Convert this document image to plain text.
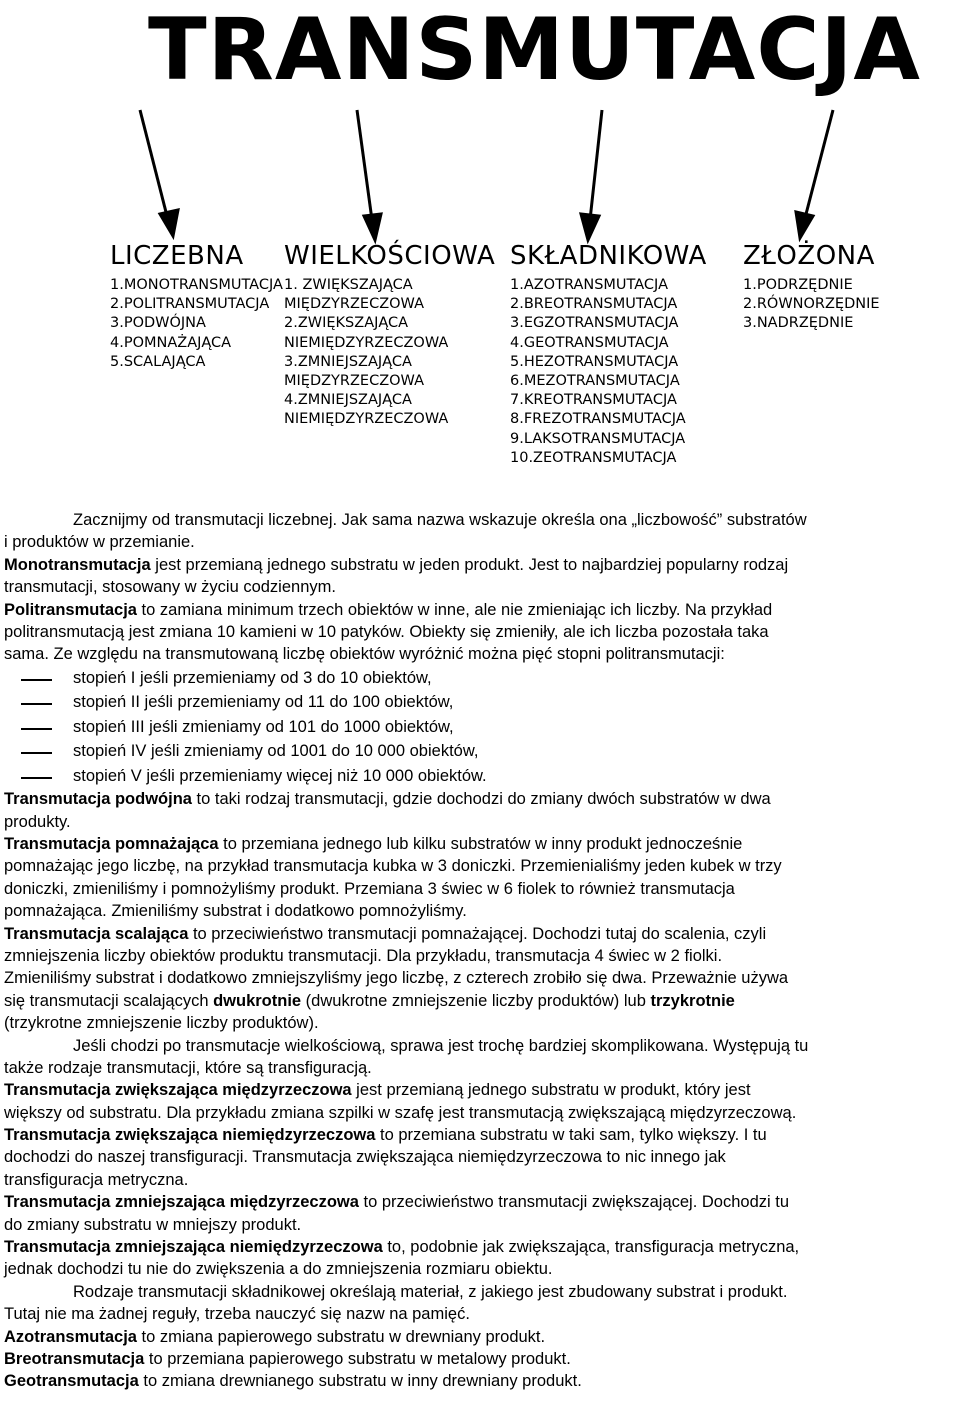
TRANSMUTACJA
LICZEBNA
1.MONOTRANSMUTACJA
2.POLITRANSMUTACJA
3.PODWÓJNA
4.POMNAŻAJĄCA
5.SCALAJĄCA
WIELKOŚCIOWA
1. ZWIĘKSZAJĄCA
MIĘDZYRZECZOWA
2.ZWIĘKSZAJĄCA
NIEMIĘDZYRZECZOWA
3.ZMNIEJSZAJĄCA
MIĘDZYRZECZOWA
4.ZMNIEJSZAJĄCA
NIEMIĘDZYRZECZOWA
SKŁADNIKOWA
1.AZOTRANSMUTACJA
2.BREOTRANSMUTACJA
3.EGZOTRANSMUTACJA
4.GEOTRANSMUTACJA
5.HEZOTRANSMUTACJA
6.MEZOTRANSMUTACJA
7.KREOTRANSMUTACJA
8.FREZOTRANSMUTACJA
9.LAKSOTRANSMUTACJA
10.ZEOTRANSMUTACJA
ZŁOŻONA
1.PODRZĘDNIE
2.RÓWNORZĘDNIE
3.NADRZĘDNIE
Zacznijmy od transmutacji liczebnej. Jak sama nazwa wskazuje określa ona „liczbowość” substratów
i produktów w przemianie.
Monotransmutacja jest przemianą jednego substratu w jeden produkt. Jest to najbardziej popularny rodzaj
transmutacji, stosowany w życiu codziennym.
Politransmutacja to zamiana minimum trzech obiektów w inne, ale nie zmieniając ich liczby. Na przykład
politransmutacją jest zmiana 10 kamieni w 10 patyków. Obiekty się zmieniły, ale ich liczba pozostała taka
sama. Ze względu na transmutowaną liczbę obiektów wyróżnić można pięć stopni politransmutacji:
stopień I jeśli przemieniamy od 3 do 10 obiektów,
stopień II jeśli przemieniamy od 11 do 100 obiektów,
stopień III jeśli zmieniamy od 101 do 1000 obiektów,
stopień IV jeśli zmieniamy od 1001 do 10 000 obiektów,
stopień V jeśli przemieniamy więcej niż 10 000 obiektów.
Transmutacja podwójna to taki rodzaj transmutacji, gdzie dochodzi do zmiany dwóch substratów w dwa
produkty.
Transmutacja pomnażająca to przemiana jednego lub kilku substratów w inny produkt jednocześnie
pomnażając jego liczbę, na przykład transmutacja kubka w 3 doniczki. Przemienialiśmy jeden kubek w trzy
doniczki, zmieniliśmy i pomnożyliśmy produkt. Przemiana 3 świec w 6 fiolek to również transmutacja
pomnażająca. Zmieniliśmy substrat i dodatkowo pomnożyliśmy.
Transmutacja scalająca to przeciwieństwo transmutacji pomnażającej. Dochodzi tutaj do scalenia, czyli
zmniejszenia liczby obiektów produktu transmutacji. Dla przykładu, transmutacja 4 świec w 2 fiolki.
Zmieniliśmy substrat i dodatkowo zmniejszyliśmy jego liczbę, z czterech zrobiło się dwa. Przeważnie używa
się transmutacji scalających dwukrotnie (dwukrotne zmniejszenie liczby produktów) lub trzykrotnie
(trzykrotne zmniejszenie liczby produktów).
Jeśli chodzi po transmutacje wielkościową, sprawa jest trochę bardziej skomplikowana. Występują tu
także rodzaje transmutacji, które są transfiguracją.
Transmutacja zwiększająca międzyrzeczowa jest przemianą jednego substratu w produkt, który jest
większy od substratu. Dla przykładu zmiana szpilki w szafę jest transmutacją zwiększającą międzyrzeczową.
Transmutacja zwiększająca niemiędzyrzeczowa to przemiana substratu w taki sam, tylko większy. I tu
dochodzi do naszej transfiguracji. Transmutacja zwiększająca niemiędzyrzeczowa to nic innego jak
transfiguracja metryczna.
Transmutacja zmniejszająca międzyrzeczowa to przeciwieństwo transmutacji zwiększającej. Dochodzi tu
do zmiany substratu w mniejszy produkt.
Transmutacja zmniejszająca niemiędzyrzeczowa to, podobnie jak zwiększająca, transfiguracja metryczna,
jednak dochodzi tu nie do zwiększenia a do zmniejszenia rozmiaru obiektu.
Rodzaje transmutacji składnikowej określają materiał, z jakiego jest zbudowany substrat i produkt.
Tutaj nie ma żadnej reguły, trzeba nauczyć się nazw na pamięć.
Azotransmutacja to zmiana papierowego substratu w drewniany produkt.
Breotransmutacja to przemiana papierowego substratu w metalowy produkt.
Geotransmutacja to zmiana drewnianego substratu w inny drewniany produkt.
